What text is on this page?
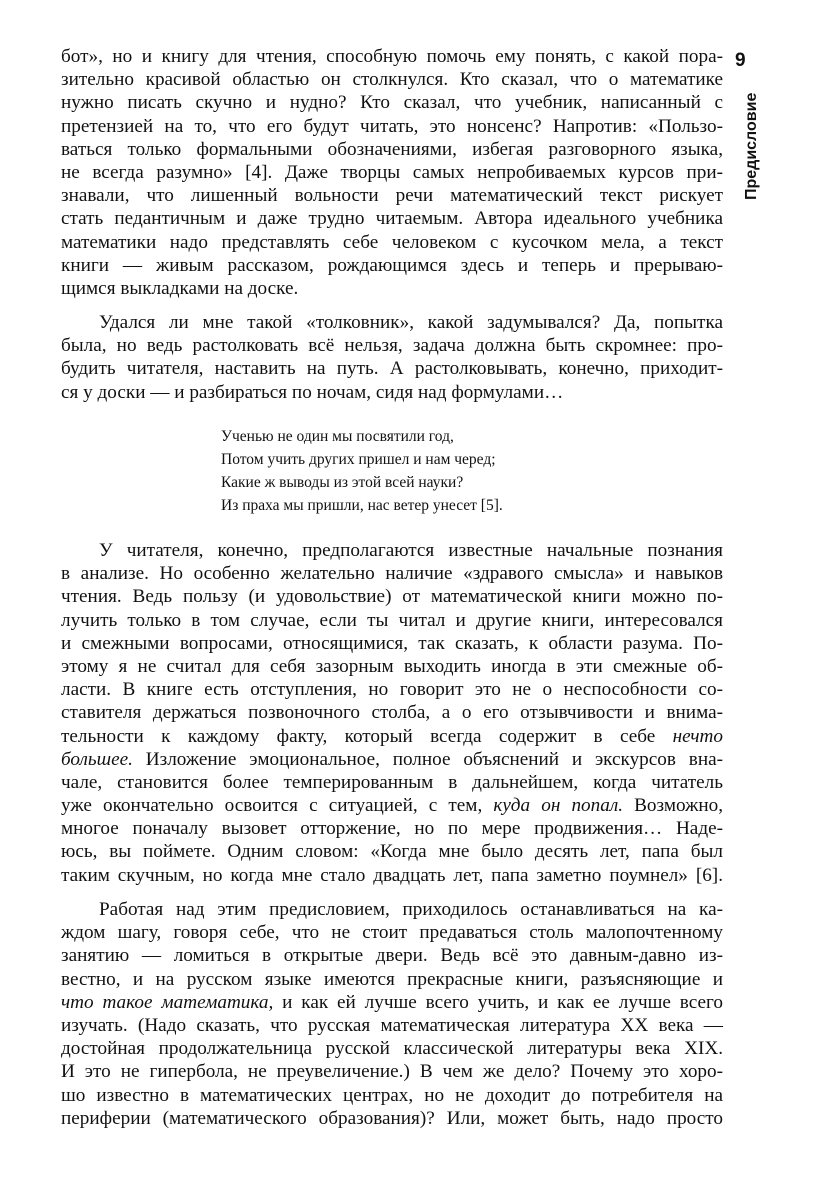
9
Предисловие
бот», но и книгу для чтения, способную помочь ему понять, с какой пора-
зительно красивой областью он столкнулся. Кто сказал, что о математике
нужно писать скучно и нудно? Кто сказал, что учебник, написанный с
претензией на то, что его будут читать, это нонсенс? Напротив: «Пользо-
ваться только формальными обозначениями, избегая разговорного языка,
не всегда разумно» [4]. Даже творцы самых непробиваемых курсов при-
знавали, что лишенный вольности речи математический текст рискует
стать педантичным и даже трудно читаемым. Автора идеального учебника
математики надо представлять себе человеком с кусочком мела, а текст
книги — живым рассказом, рождающимся здесь и теперь и прерываю-
щимся выкладками на доске.
Удался ли мне такой «толковник», какой задумывался? Да, попытка
была, но ведь растолковать всё нельзя, задача должна быть скромнее: про-
будить читателя, наставить на путь. А растолковывать, конечно, приходит-
ся у доски — и разбираться по ночам, сидя над формулами…
Ученью не один мы посвятили год,
Потом учить других пришел и нам черед;
Какие ж выводы из этой всей науки?
Из праха мы пришли, нас ветер унесет [5].
У читателя, конечно, предполагаются известные начальные познания
в анализе. Но особенно желательно наличие «здравого смысла» и навыков
чтения. Ведь пользу (и удовольствие) от математической книги можно по-
лучить только в том случае, если ты читал и другие книги, интересовался
и смежными вопросами, относящимися, так сказать, к области разума. По-
этому я не считал для себя зазорным выходить иногда в эти смежные об-
ласти. В книге есть отступления, но говорит это не о неспособности со-
ставителя держаться позвоночного столба, а о его отзывчивости и внима-
тельности к каждому факту, который всегда содержит в себе нечто
большее. Изложение эмоциональное, полное объяснений и экскурсов вна-
чале, становится более темперированным в дальнейшем, когда читатель
уже окончательно освоится с ситуацией, с тем, куда он попал. Возможно,
многое поначалу вызовет отторжение, но по мере продвижения… Наде-
юсь, вы поймете. Одним словом: «Когда мне было десять лет, папа был
таким скучным, но когда мне стало двадцать лет, папа заметно поумнел» [6].
Работая над этим предисловием, приходилось останавливаться на ка-
ждом шагу, говоря себе, что не стоит предаваться столь малопочтенному
занятию — ломиться в открытые двери. Ведь всё это давным-давно из-
вестно, и на русском языке имеются прекрасные книги, разъясняющие и
что такое математика, и как ей лучше всего учить, и как ее лучше всего
изучать. (Надо сказать, что русская математическая литература XX века —
достойная продолжательница русской классической литературы века XIX.
И это не гипербола, не преувеличение.) В чем же дело? Почему это хоро-
шо известно в математических центрах, но не доходит до потребителя на
периферии (математического образования)? Или, может быть, надо просто
